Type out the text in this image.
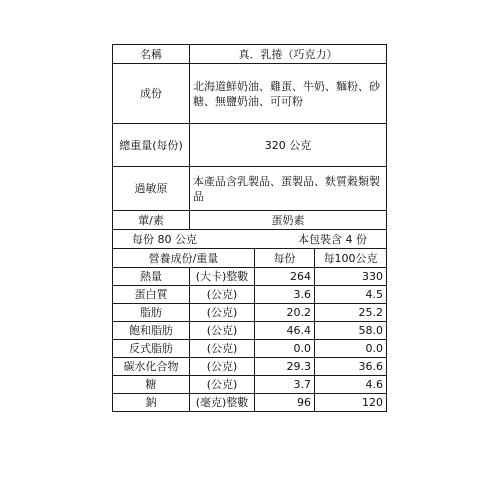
名稱	真．乳捲（巧克力）		
成份	北海道鮮奶油、雞蛋、牛奶、麵粉、砂糖、無鹽奶油、可可粉		
總重量(每份)	320 公克		
過敏原	本產品含乳製品、蛋製品、麩質穀類製品		
葷/素	蛋奶素		

每份 80 公克 本包裝含 4 份			

營養成份/重量		每份	每100公克
熱量	(大卡)整數	264	330
蛋白質	(公克)	3.6	4.5
脂肪	(公克)	20.2	25.2
飽和脂肪	(公克)	46.4	58.0
反式脂肪	(公克)	0.0	0.0
碳水化合物	(公克)	29.3	36.6
糖	(公克)	3.7	4.6
鈉	(毫克)整數	96	120
